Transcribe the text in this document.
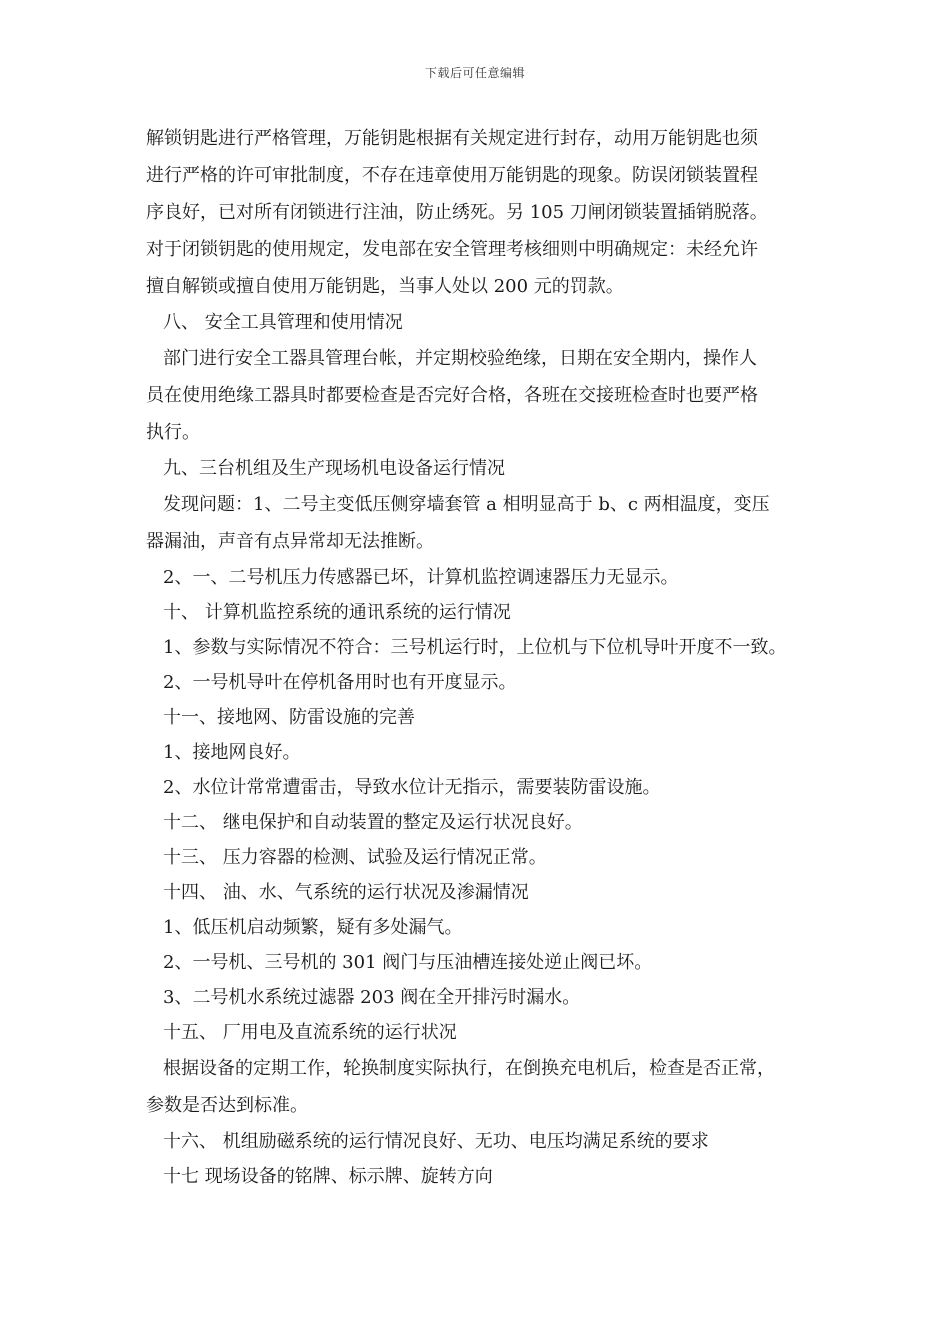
下载后可任意编辑
解锁钥匙进行严格管理，万能钥匙根据有关规定进行封存，动用万能钥匙也须
进行严格的许可审批制度，不存在违章使用万能钥匙的现象。防误闭锁装置程
序良好，已对所有闭锁进行注油，防止绣死。另 105 刀闸闭锁装置插销脱落。
对于闭锁钥匙的使用规定，发电部在安全管理考核细则中明确规定：未经允许
擅自解锁或擅自使用万能钥匙，当事人处以 200 元的罚款。
八、 安全工具管理和使用情况
部门进行安全工器具管理台帐，并定期校验绝缘，日期在安全期内，操作人
员在使用绝缘工器具时都要检查是否完好合格，各班在交接班检查时也要严格
执行。
九、三台机组及生产现场机电设备运行情况
发现问题：1、二号主变低压侧穿墙套管 a 相明显高于 b、c 两相温度，变压
器漏油，声音有点异常却无法推断。
2、一、二号机压力传感器已坏，计算机监控调速器压力无显示。
十、 计算机监控系统的通讯系统的运行情况
1、参数与实际情况不符合：三号机运行时，上位机与下位机导叶开度不一致。
2、一号机导叶在停机备用时也有开度显示。
十一、接地网、防雷设施的完善
1、接地网良好。
2、水位计常常遭雷击，导致水位计无指示，需要装防雷设施。
十二、 继电保护和自动装置的整定及运行状况良好。
十三、 压力容器的检测、试验及运行情况正常。
十四、 油、水、气系统的运行状况及渗漏情况
1、低压机启动频繁，疑有多处漏气。
2、一号机、三号机的 301 阀门与压油槽连接处逆止阀已坏。
3、二号机水系统过滤器 203 阀在全开排污时漏水。
十五、 厂用电及直流系统的运行状况
根据设备的定期工作，轮换制度实际执行，在倒换充电机后，检查是否正常，
参数是否达到标准。
十六、 机组励磁系统的运行情况良好、无功、电压均满足系统的要求
十七 现场设备的铭牌、标示牌、旋转方向
